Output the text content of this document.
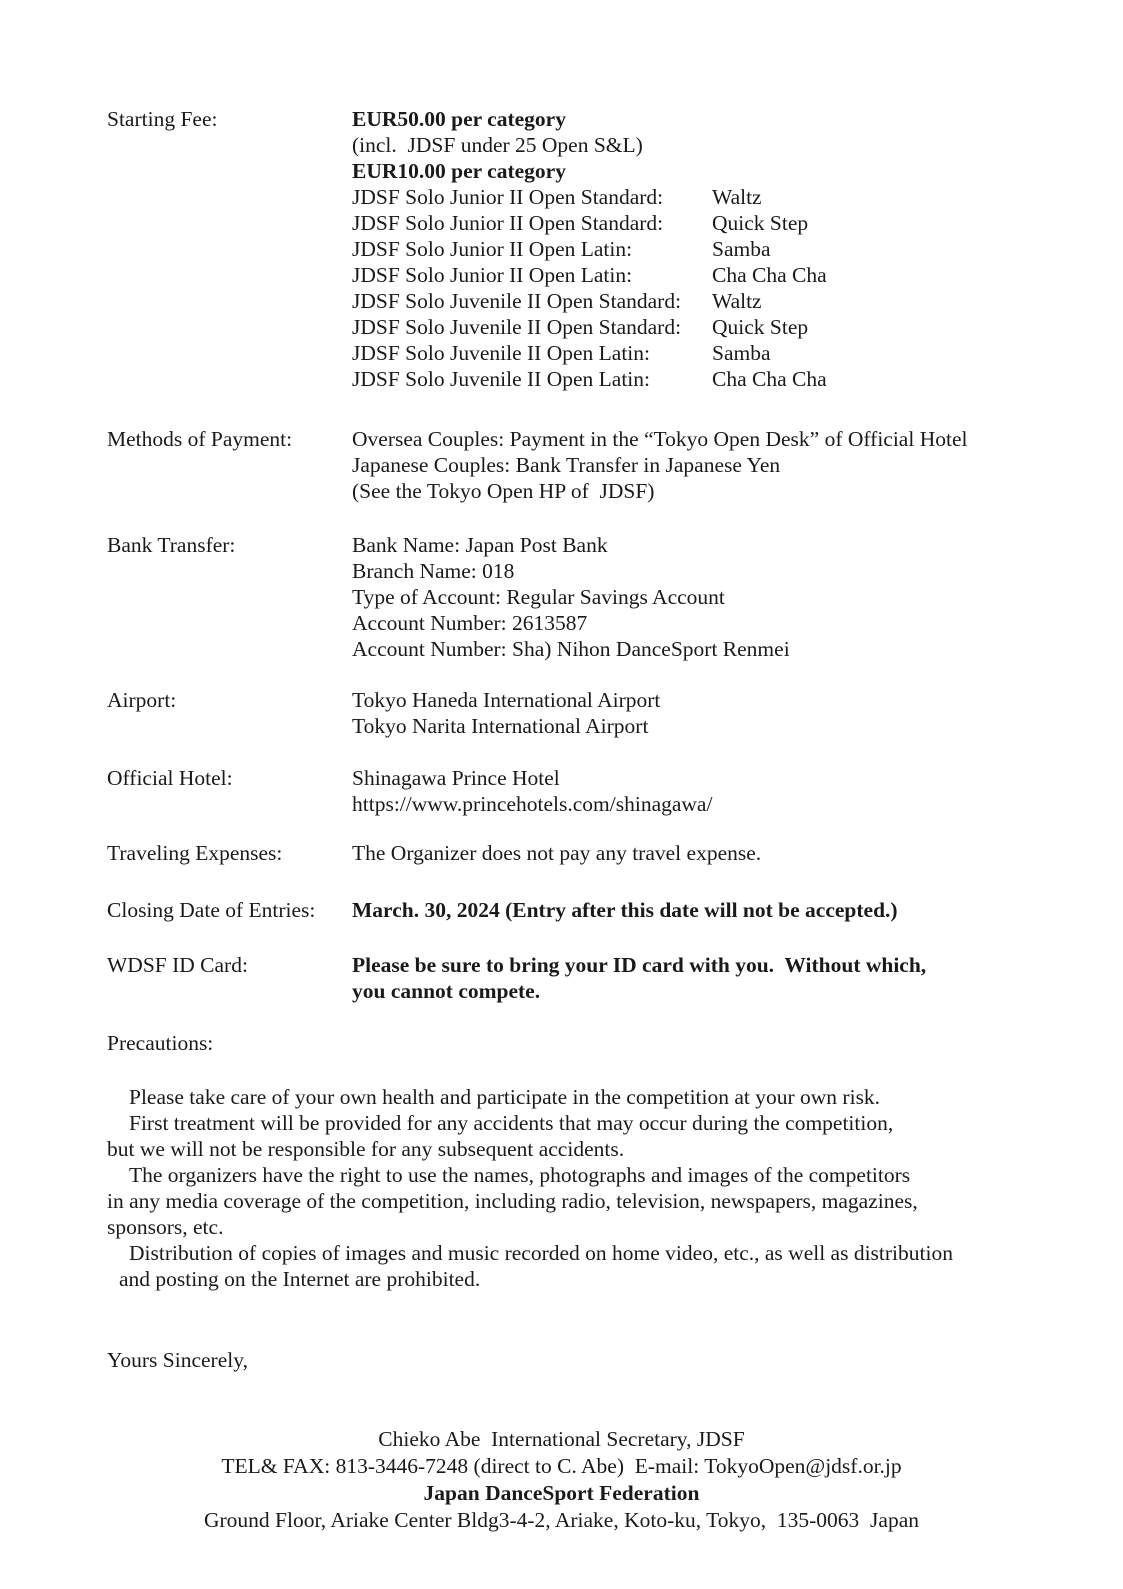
Starting Fee:	EUR50.00 per category
(incl.  JDSF under 25 Open S&L)
EUR10.00 per category
JDSF Solo Junior II Open Standard:	Waltz
JDSF Solo Junior II Open Standard:	Quick Step
JDSF Solo Junior II Open Latin:	Samba
JDSF Solo Junior II Open Latin:	Cha Cha Cha
JDSF Solo Juvenile II Open Standard:	Waltz
JDSF Solo Juvenile II Open Standard:	Quick Step
JDSF Solo Juvenile II Open Latin:	Samba
JDSF Solo Juvenile II Open Latin:	Cha Cha Cha
Methods of Payment:	Oversea Couples: Payment in the “Tokyo Open Desk” of Official Hotel
Japanese Couples: Bank Transfer in Japanese Yen
(See the Tokyo Open HP of  JDSF)
Bank Transfer:	Bank Name: Japan Post Bank
Branch Name: 018
Type of Account: Regular Savings Account
Account Number: 2613587
Account Number: Sha) Nihon DanceSport Renmei
Airport:	Tokyo Haneda International Airport
Tokyo Narita International Airport
Official Hotel:	Shinagawa Prince Hotel
https://www.princehotels.com/shinagawa/
Traveling Expenses:	The Organizer does not pay any travel expense.
Closing Date of Entries:	March. 30, 2024 (Entry after this date will not be accepted.)
WDSF ID Card:	Please be sure to bring your ID card with you.  Without which,
you cannot compete.
Precautions:
Please take care of your own health and participate in the competition at your own risk.
First treatment will be provided for any accidents that may occur during the competition,
but we will not be responsible for any subsequent accidents.
The organizers have the right to use the names, photographs and images of the competitors
in any media coverage of the competition, including radio, television, newspapers, magazines,
sponsors, etc.
Distribution of copies of images and music recorded on home video, etc., as well as distribution
and posting on the Internet are prohibited.
Yours Sincerely,
Chieko Abe  International Secretary, JDSF
TEL& FAX: 813-3446-7248 (direct to C. Abe)  E-mail: TokyoOpen@jdsf.or.jp
Japan DanceSport Federation
Ground Floor, Ariake Center Bldg3-4-2, Ariake, Koto-ku, Tokyo,  135-0063  Japan
